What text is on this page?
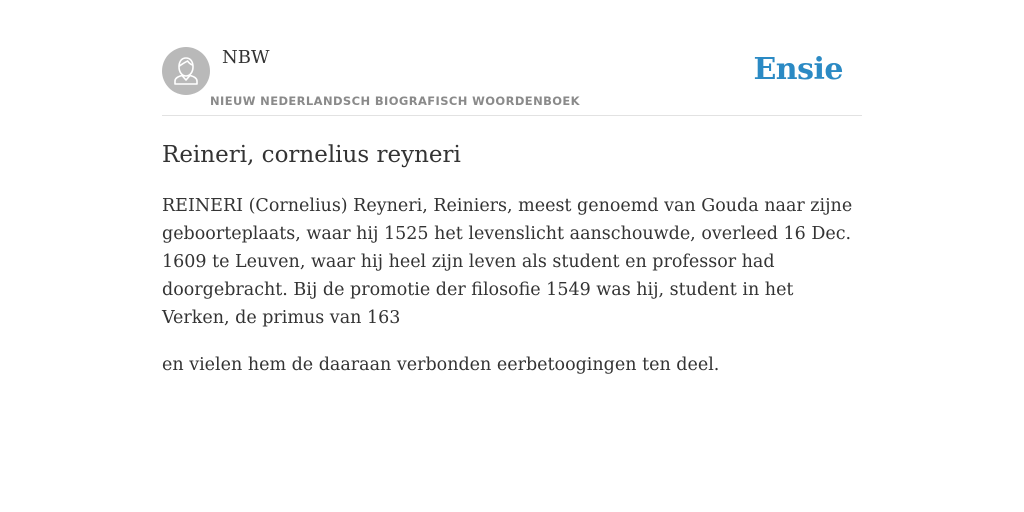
NBW
NIEUW NEDERLANDSCH BIOGRAFISCH WOORDENBOEK
Ensie
Reineri, cornelius reyneri

REINERI (Cornelius) Reyneri, Reiniers, meest genoemd van Gouda naar zijne geboorteplaats, waar hij 1525 het levenslicht aanschouwde, overleed 16 Dec. 1609 te Leuven, waar hij heel zijn leven als student en professor had doorgebracht. Bij de promotie der filosofie 1549 was hij, student in het Verken, de primus van 163

en vielen hem de daaraan verbonden eerbetoogingen ten deel.
